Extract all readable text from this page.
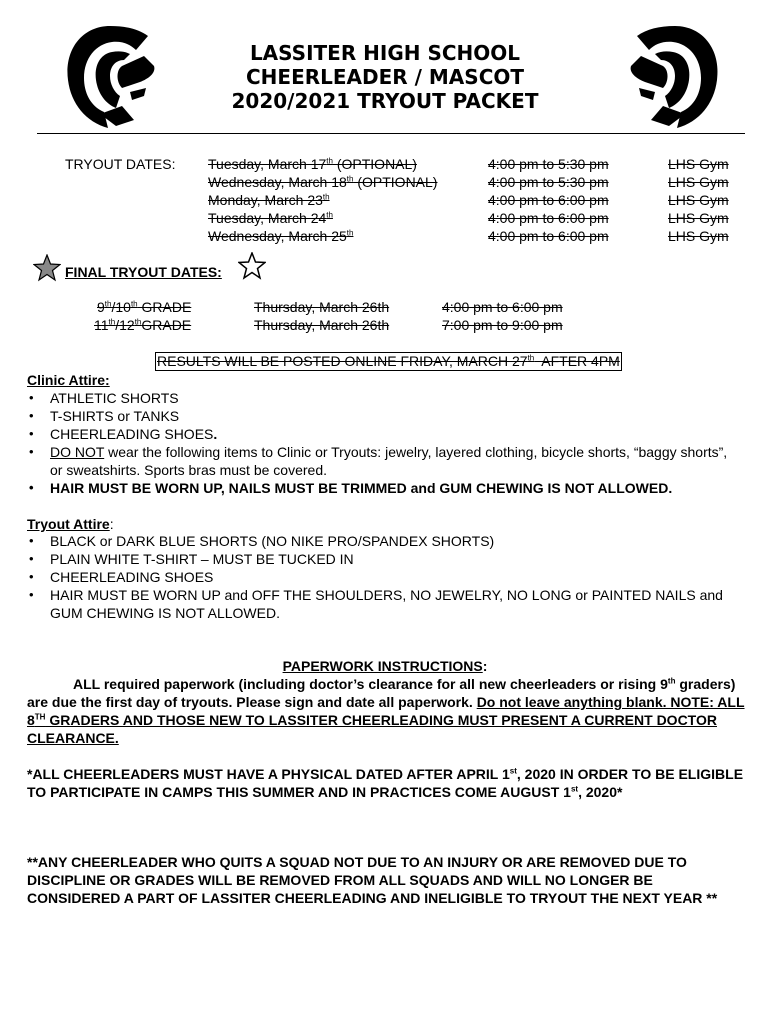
LASSITER HIGH SCHOOL
CHEERLEADER / MASCOT
2020/2021 TRYOUT PACKET
TRYOUT DATES: Tuesday, March 17th (OPTIONAL)	4:00 pm to 5:30 pm	LHS Gym
Wednesday, March 18th (OPTIONAL)	4:00 pm to 5:30 pm	LHS Gym
Monday, March 23th	4:00 pm to 6:00 pm	LHS Gym
Tuesday, March 24th	4:00 pm to 6:00 pm	LHS Gym
Wednesday, March 25th	4:00 pm to 6:00 pm	LHS Gym
FINAL TRYOUT DATES:
9th/10th GRADE	Thursday, March 26th	4:00 pm to 6:00 pm
11th/12thGRADE	Thursday, March 26th	7:00 pm to 9:00 pm
RESULTS WILL BE POSTED ONLINE FRIDAY, MARCH 27th  AFTER 4PM
Clinic Attire:
• ATHLETIC SHORTS
• T-SHIRTS or TANKS
• CHEERLEADING SHOES.
• DO NOT wear the following items to Clinic or Tryouts: jewelry, layered clothing, bicycle shorts, “baggy shorts”, or sweatshirts. Sports bras must be covered.
• HAIR MUST BE WORN UP, NAILS MUST BE TRIMMED and GUM CHEWING IS NOT ALLOWED.
Tryout Attire:
• BLACK or DARK BLUE SHORTS (NO NIKE PRO/SPANDEX SHORTS)
• PLAIN WHITE T-SHIRT – MUST BE TUCKED IN
• CHEERLEADING SHOES
• HAIR MUST BE WORN UP and OFF THE SHOULDERS, NO JEWELRY, NO LONG or PAINTED NAILS and GUM CHEWING IS NOT ALLOWED.
PAPERWORK INSTRUCTIONS:
ALL required paperwork (including doctor’s clearance for all new cheerleaders or rising 9th graders) are due the first day of tryouts. Please sign and date all paperwork. Do not leave anything blank. NOTE: ALL 8TH GRADERS AND THOSE NEW TO LASSITER CHEERLEADING MUST PRESENT A CURRENT DOCTOR CLEARANCE.
*ALL CHEERLEADERS MUST HAVE A PHYSICAL DATED AFTER APRIL 1st, 2020 IN ORDER TO BE ELIGIBLE TO PARTICIPATE IN CAMPS THIS SUMMER AND IN PRACTICES COME AUGUST 1st, 2020*
**ANY CHEERLEADER WHO QUITS A SQUAD NOT DUE TO AN INJURY OR ARE REMOVED DUE TO DISCIPLINE OR GRADES WILL BE REMOVED FROM ALL SQUADS AND WILL NO LONGER BE CONSIDERED A PART OF LASSITER CHEERLEADING AND INELIGIBLE TO TRYOUT THE NEXT YEAR **
